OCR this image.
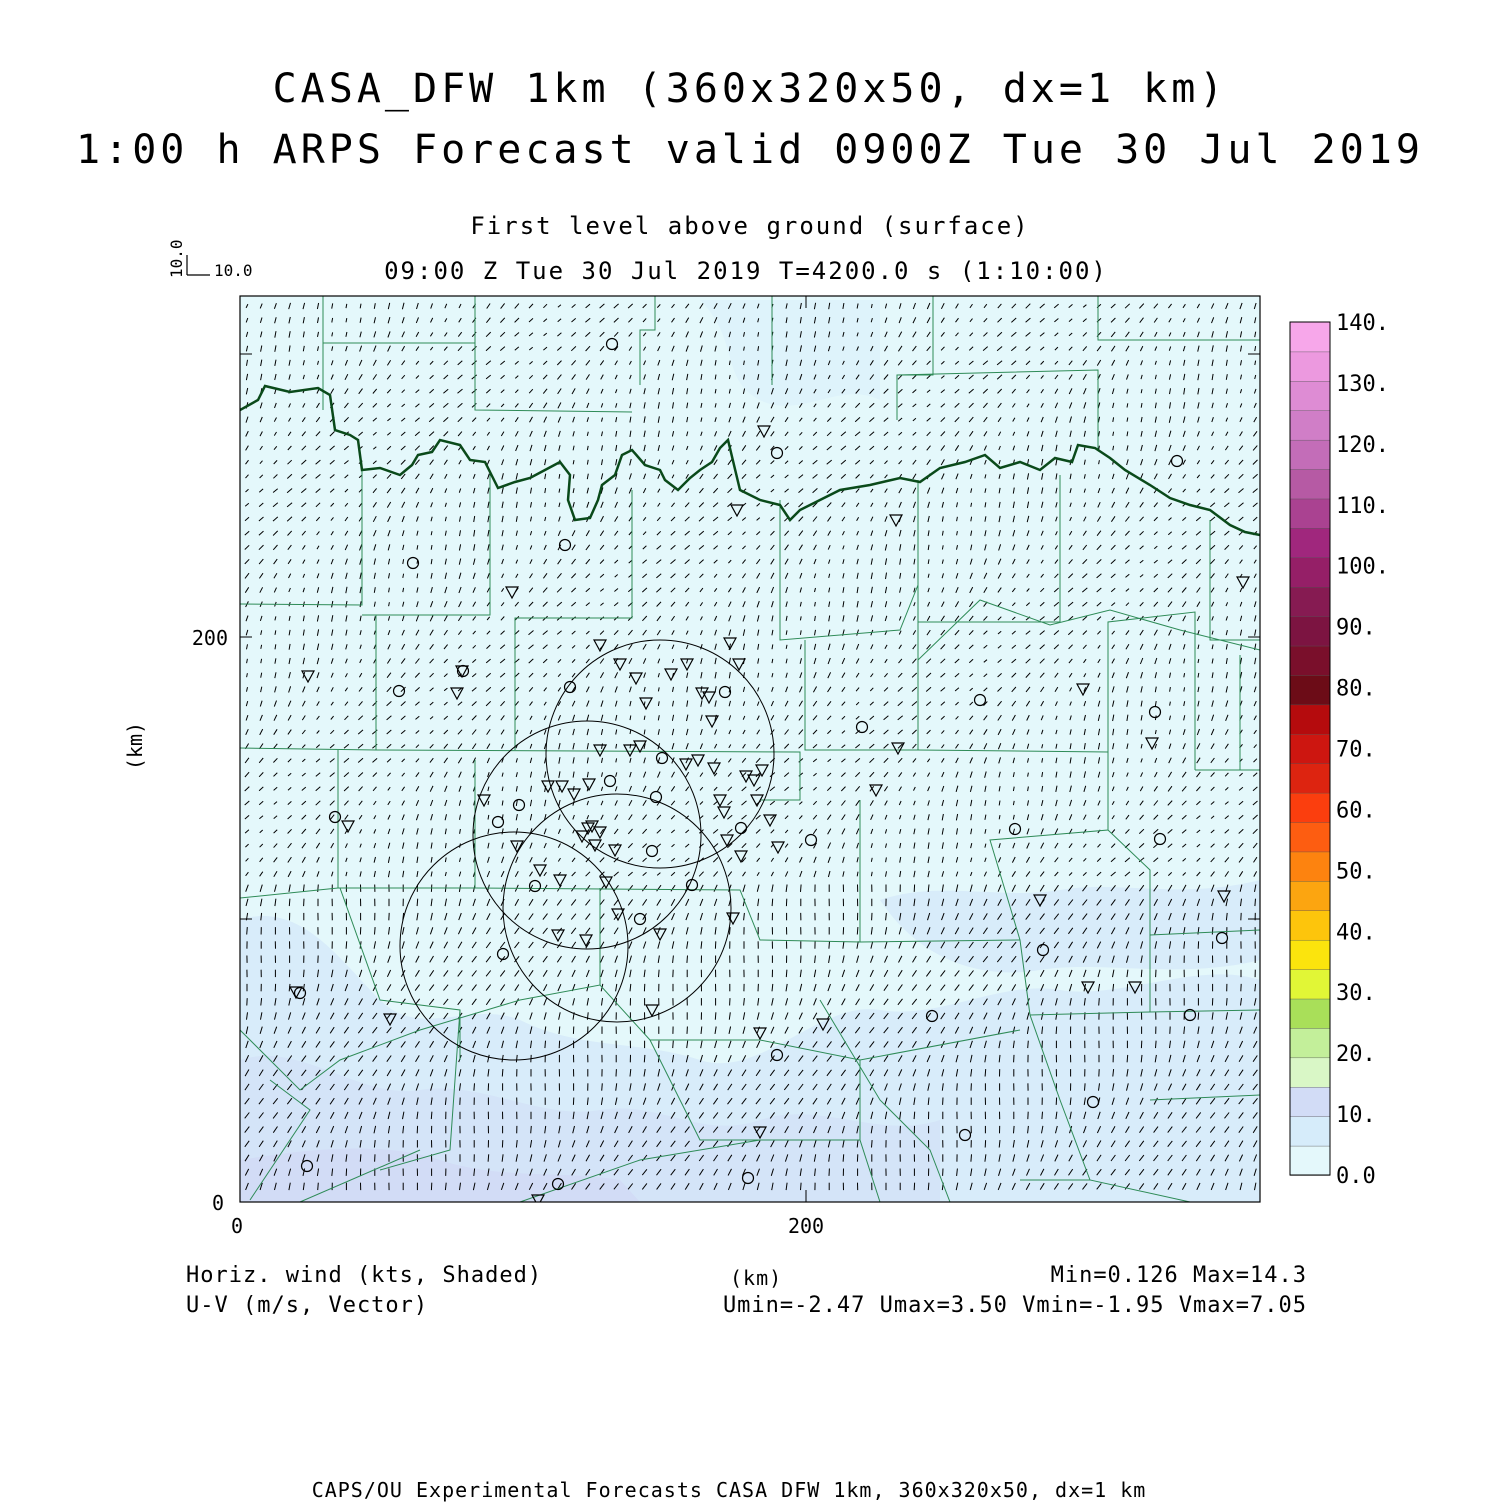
10.0 10.0
200
0
0	200
(km)
0.0
10.
20.
30.
40.
50.
60.
70.
80.
90.
100.
110.
120.
130.
140.
CASA_DFW 1km (360x320x50, dx=1 km)
1:00 h ARPS Forecast valid 0900Z Tue 30 Jul 2019
First level above ground (surface)
09:00 Z Tue 30 Jul 2019 T=4200.0 s (1:10:00)
Horiz. wind (kts, Shaded)
U-V (m/s, Vector)
(km)	Min=0.126 Max=14.3
Umin=-2.47 Umax=3.50 Vmin=-1.95 Vmax=7.05
CAPS/OU Experimental Forecasts CASA DFW 1km, 360x320x50, dx=1 km
